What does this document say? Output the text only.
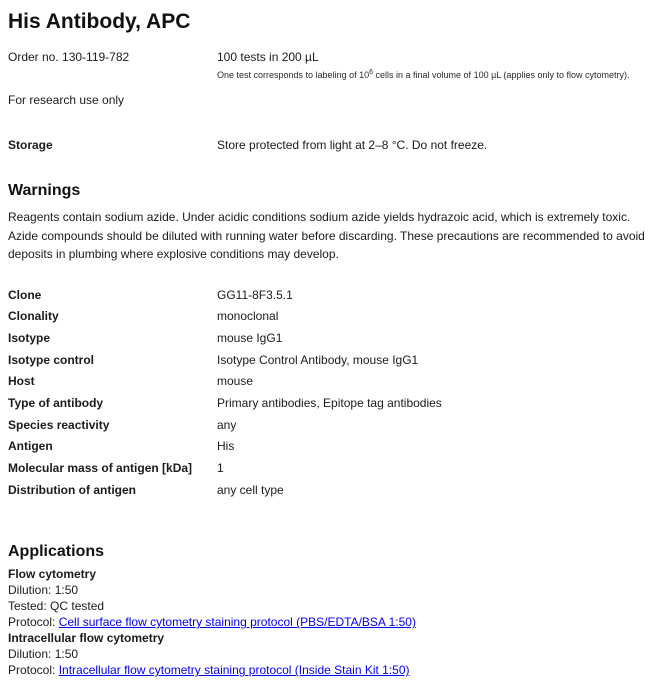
His Antibody, APC
Order no. 130-119-782	100 tests in 200 µL
One test corresponds to labeling of $10^6$ cells in a final volume of 100 µL (applies only to flow cytometry).
For research use only
Storage	Store protected from light at 2–8 °C. Do not freeze.
Warnings

Reagents contain sodium azide. Under acidic conditions sodium azide yields hydrazoic acid, which is extremely toxic. Azide compounds should be diluted with running water before discarding. These precautions are recommended to avoid deposits in plumbing where explosive conditions may develop.

Clone	GG11-8F3.5.1
Clonality	monoclonal
Isotype	mouse IgG1
Isotype control	Isotype Control Antibody, mouse IgG1
Host	mouse
Type of antibody	Primary antibodies, Epitope tag antibodies
Species reactivity	any
Antigen	His
Molecular mass of antigen [kDa]	1
Distribution of antigen	any cell type
Applications
Flow cytometry
Dilution: 1:50
Tested: QC tested
Protocol: Cell surface flow cytometry staining protocol (PBS/EDTA/BSA 1:50)
Intracellular flow cytometry
Dilution: 1:50
Protocol: Intracellular flow cytometry staining protocol (Inside Stain Kit 1:50)
